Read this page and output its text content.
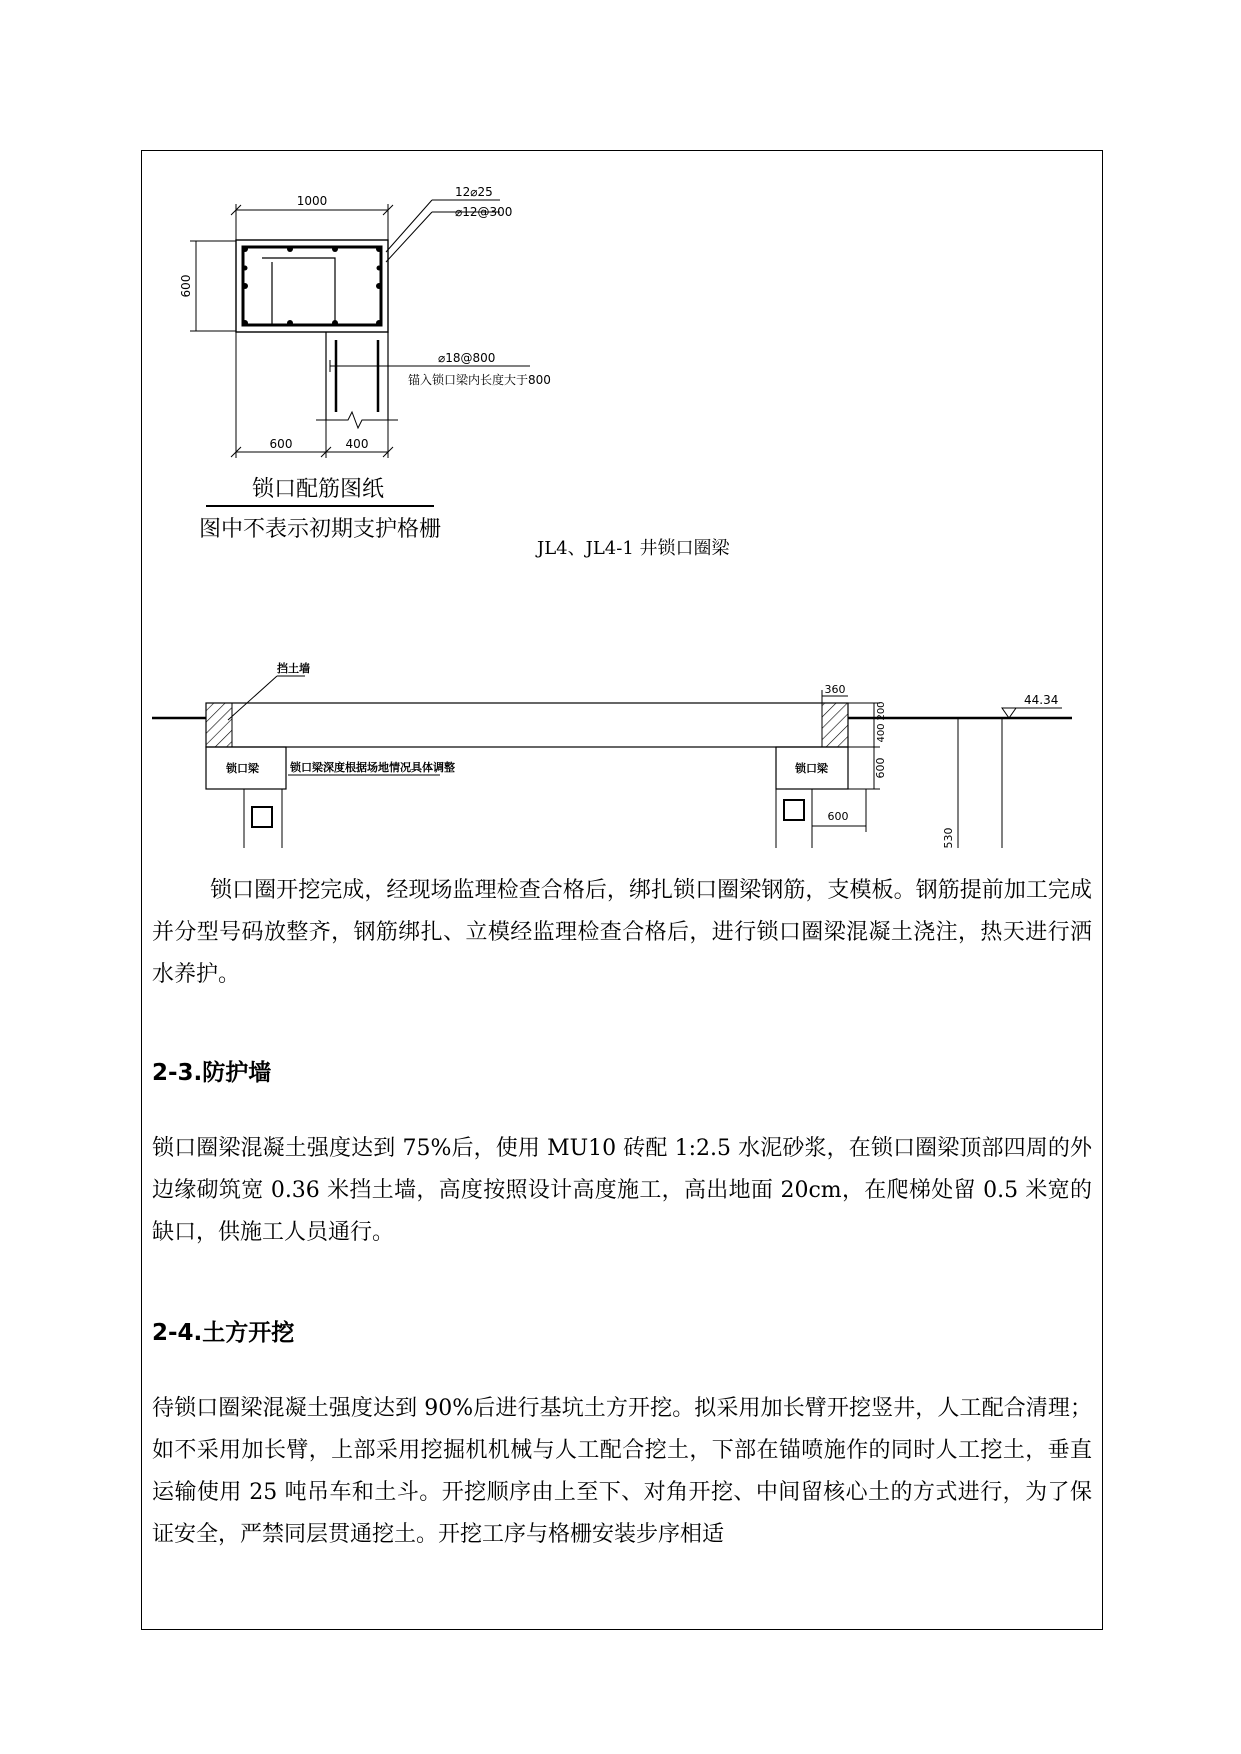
1000
600
12⌀25
⌀12@300
⌀18@800
锚入锁口梁内长度大于800
600	400
锁口配筋图纸
图中不表示初期支护格栅
JL4、JL4-1 井锁口圈梁
挡土墙
锁口梁	锁口梁
锁口梁深度根据场地情况具体调整
360
200
400
600
600
44.34
530

锁口圈开挖完成，经现场监理检查合格后，绑扎锁口圈梁钢筋，支模板。钢筋提前加工完成并分型号码放整齐，钢筋绑扎、立模经监理检查合格后，进行锁口圈梁混凝土浇注，热天进行洒水养护。

2-3.防护墙

锁口圈梁混凝土强度达到 75%后，使用 MU10 砖配 1:2.5 水泥砂浆，在锁口圈梁顶部四周的外边缘砌筑宽 0.36 米挡土墙，高度按照设计高度施工，高出地面 20cm，在爬梯处留 0.5 米宽的缺口，供施工人员通行。

2-4.土方开挖

待锁口圈梁混凝土强度达到 90%后进行基坑土方开挖。拟采用加长臂开挖竖井，人工配合清理；如不采用加长臂，上部采用挖掘机机械与人工配合挖土，下部在锚喷施作的同时人工挖土，垂直运输使用 25 吨吊车和土斗。开挖顺序由上至下、对角开挖、中间留核心土的方式进行，为了保证安全，严禁同层贯通挖土。开挖工序与格栅安装步序相适
